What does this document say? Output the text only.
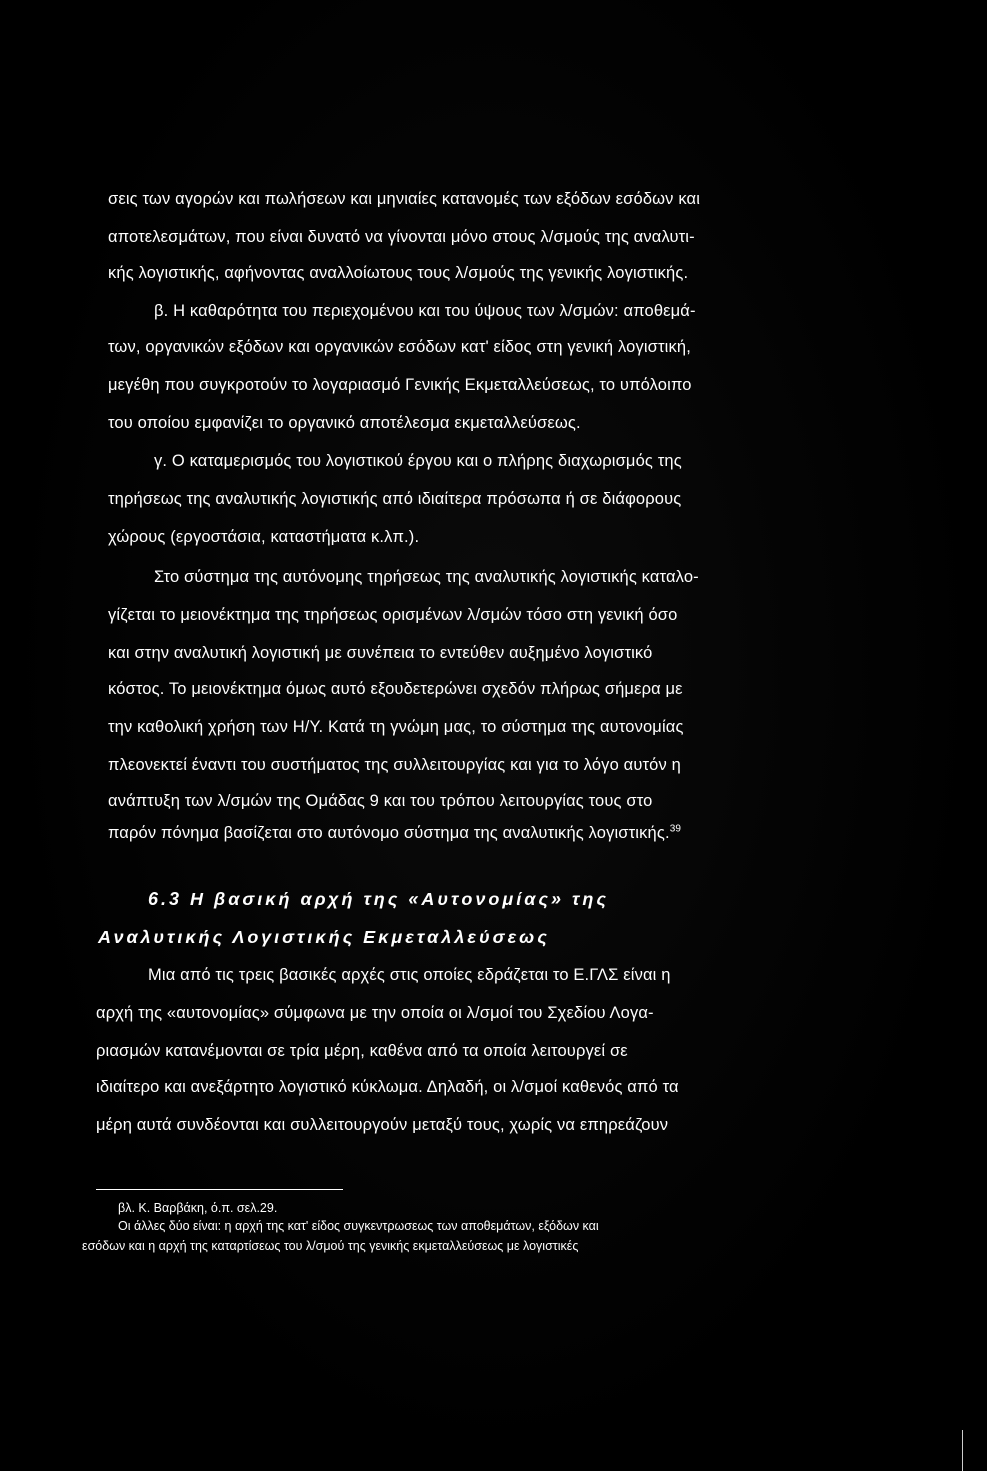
σεις των αγορών και πωλήσεων και μηνιαίες κατανομές των εξόδων εσόδων και
αποτελεσμάτων, που είναι δυνατό να γίνονται μόνο στους λ/σμούς της αναλυτι-
κής λογιστικής, αφήνοντας αναλλοίωτους τους λ/σμούς της γενικής λογιστικής.
β. Η καθαρότητα του περιεχομένου και του ύψους των λ/σμών: αποθεμά-
των, οργανικών εξόδων και οργανικών εσόδων κατ' είδος στη γενική λογιστική,
μεγέθη που συγκροτούν το λογαριασμό Γενικής Εκμεταλλεύσεως, το υπόλοιπο
του οποίου εμφανίζει το οργανικό αποτέλεσμα εκμεταλλεύσεως.
γ. Ο καταμερισμός του λογιστικού έργου και ο πλήρης διαχωρισμός της
τηρήσεως της αναλυτικής λογιστικής από ιδιαίτερα πρόσωπα ή σε διάφορους
χώρους (εργοστάσια, καταστήματα κ.λπ.).
Στο σύστημα της αυτόνομης τηρήσεως της αναλυτικής λογιστικής καταλο-
γίζεται το μειονέκτημα της τηρήσεως ορισμένων λ/σμών τόσο στη γενική όσο
και στην αναλυτική λογιστική με συνέπεια το εντεύθεν αυξημένο λογιστικό
κόστος. Το μειονέκτημα όμως αυτό εξουδετερώνει σχεδόν πλήρως σήμερα με
την καθολική χρήση των Η/Υ. Κατά τη γνώμη μας, το σύστημα της αυτονομίας
πλεονεκτεί έναντι του συστήματος της συλλειτουργίας και για το λόγο αυτόν η
ανάπτυξη των λ/σμών της Ομάδας 9 και του τρόπου λειτουργίας τους στο
παρόν πόνημα βασίζεται στο αυτόνομο σύστημα της αναλυτικής λογιστικής.$^{39}$
6.3 Η βασική αρχή της «Αυτονομίας» της
Αναλυτικής Λογιστικής Εκμεταλλεύσεως
Μια από τις τρεις βασικές αρχές στις οποίες εδράζεται το Ε.ΓΛΣ είναι η
αρχή της «αυτονομίας» σύμφωνα με την οποία οι λ/σμοί του Σχεδίου Λογα-
ριασμών κατανέμονται σε τρία μέρη, καθένα από τα οποία λειτουργεί σε
ιδιαίτερο και ανεξάρτητο λογιστικό κύκλωμα. Δηλαδή, οι λ/σμοί καθενός από τα
μέρη αυτά συνδέονται και συλλειτουργούν μεταξύ τους, χωρίς να επηρεάζουν
βλ. Κ. Βαρβάκη, ό.π. σελ.29.
Οι άλλες δύο είναι: η αρχή της κατ' είδος συγκεντρωσεως των αποθεμάτων, εξόδων και
εσόδων και η αρχή της καταρτίσεως του λ/σμού της γενικής εκμεταλλεύσεως με λογιστικές
